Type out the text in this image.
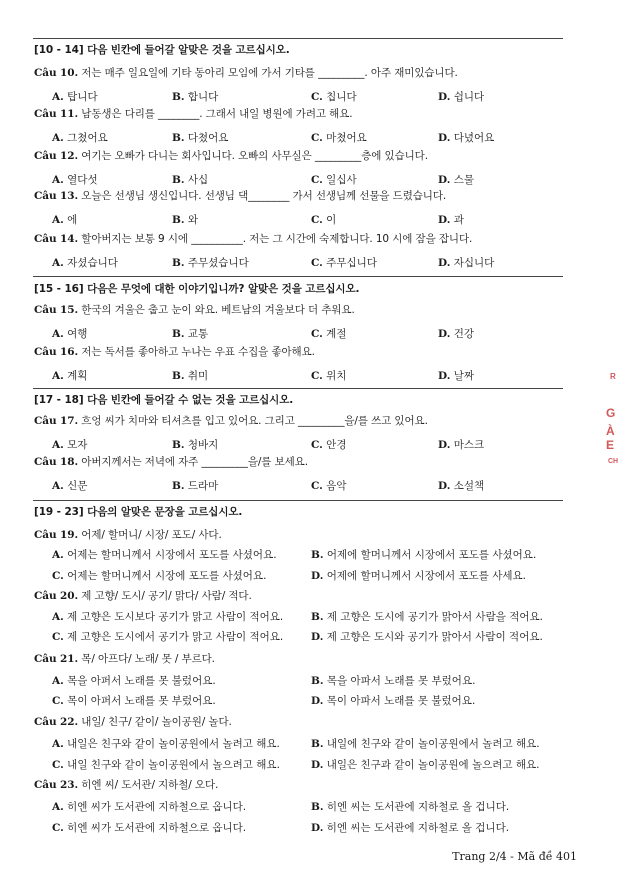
[10 - 14] 다음 빈칸에 들어갈 알맞은 것을 고르십시오.
Câu 10. 저는 매주 일요일에 기타 동아리 모임에 가서 기타를 _________. 아주 재미있습니다.
A. 탑니다	B. 합니다	C. 칩니다	D. 쉽니다
Câu 11. 남동생은 다리를 ________. 그래서 내일 병원에 가려고 해요.
A. 그쳤어요	B. 다쳤어요	C. 마쳤어요	D. 다녔어요
Câu 12. 여기는 오빠가 다니는 회사입니다. 오빠의 사무실은 _________층에 있습니다.
A. 열다섯	B. 사십	C. 일십사	D. 스물
Câu 13. 오늘은 선생님 생신입니다. 선생님 댁________ 가서 선생님께 선물을 드렸습니다.
A. 에	B. 와	C. 이	D. 과
Câu 14. 할아버지는 보통 9 시에 __________. 저는 그 시간에 숙제합니다. 10 시에 잠을 잡니다.
A. 자셨습니다	B. 주무셨습니다	C. 주무십니다	D. 자십니다
[15 - 16] 다음은 무엇에 대한 이야기입니까? 알맞은 것을 고르십시오.
Câu 15. 한국의 겨울은 춥고 눈이 와요. 베트남의 겨울보다 더 추워요.
A. 여행	B. 교통	C. 계절	D. 건강
Câu 16. 저는 독서를 좋아하고 누나는 우표 수집을 좋아해요.
A. 계획	B. 취미	C. 위치	D. 날짜
[17 - 18] 다음 빈칸에 들어갈 수 없는 것을 고르십시오.
Câu 17. 흐엉 씨가 치마와 티셔츠를 입고 있어요. 그리고 _________을/를 쓰고 있어요.
A. 모자	B. 청바지	C. 안경	D. 마스크
Câu 18. 아버지께서는 저녁에 자주 _________을/를 보세요.
A. 신문	B. 드라마	C. 음악	D. 소설책
[19 - 23] 다음의 알맞은 문장을 고르십시오.
Câu 19. 어제/ 할머니/ 시장/ 포도/ 사다.
A. 어제는 할머니께서 시장에서 포도를 사셨어요.	B. 어제에 할머니께서 시장에서 포도를 사셨어요.
C. 어제는 할머니께서 시장에 포도를 사셨어요.	D. 어제에 할머니께서 시장에서 포도를 사세요.
Câu 20. 제 고향/ 도시/ 공기/ 맑다/ 사람/ 적다.
A. 제 고향은 도시보다 공기가 맑고 사람이 적어요.	B. 제 고향은 도시에 공기가 맑아서 사람을 적어요.
C. 제 고향은 도시에서 공기가 맑고 사람이 적어요.	D. 제 고향은 도시와 공기가 맑아서 사람이 적어요.
Câu 21. 목/ 아프다/ 노래/ 못 / 부르다.
A. 목을 아퍼서 노래를 못 불렀어요.	B. 목을 아파서 노래를 못 부렀어요.
C. 목이 아퍼서 노래를 못 부렀어요.	D. 목이 아파서 노래를 못 불렀어요.
Câu 22. 내일/ 친구/ 같이/ 놀이공원/ 놀다.
A. 내일은 친구와 같이 놀이공원에서 놀려고 해요.	B. 내일에 친구와 같이 놀이공원에서 놀려고 해요.
C. 내일 친구와 같이 놀이공원에서 놀으려고 해요.	D. 내일은 친구과 같이 놀이공원에 놀으려고 해요.
Câu 23. 히엔 씨/ 도서관/ 지하철/ 오다.
A. 히엔 씨가 도서관에 지하철으로 옵니다.	B. 히엔 씨는 도서관에 지하철로 올 겁니다.
C. 히엔 씨가 도서관에 지하철으로 옵니다.	D. 히엔 씨는 도서관에 지하철로 올 겁니다.
R
G
À E
CH
Trang 2/4 - Mã đề 401
